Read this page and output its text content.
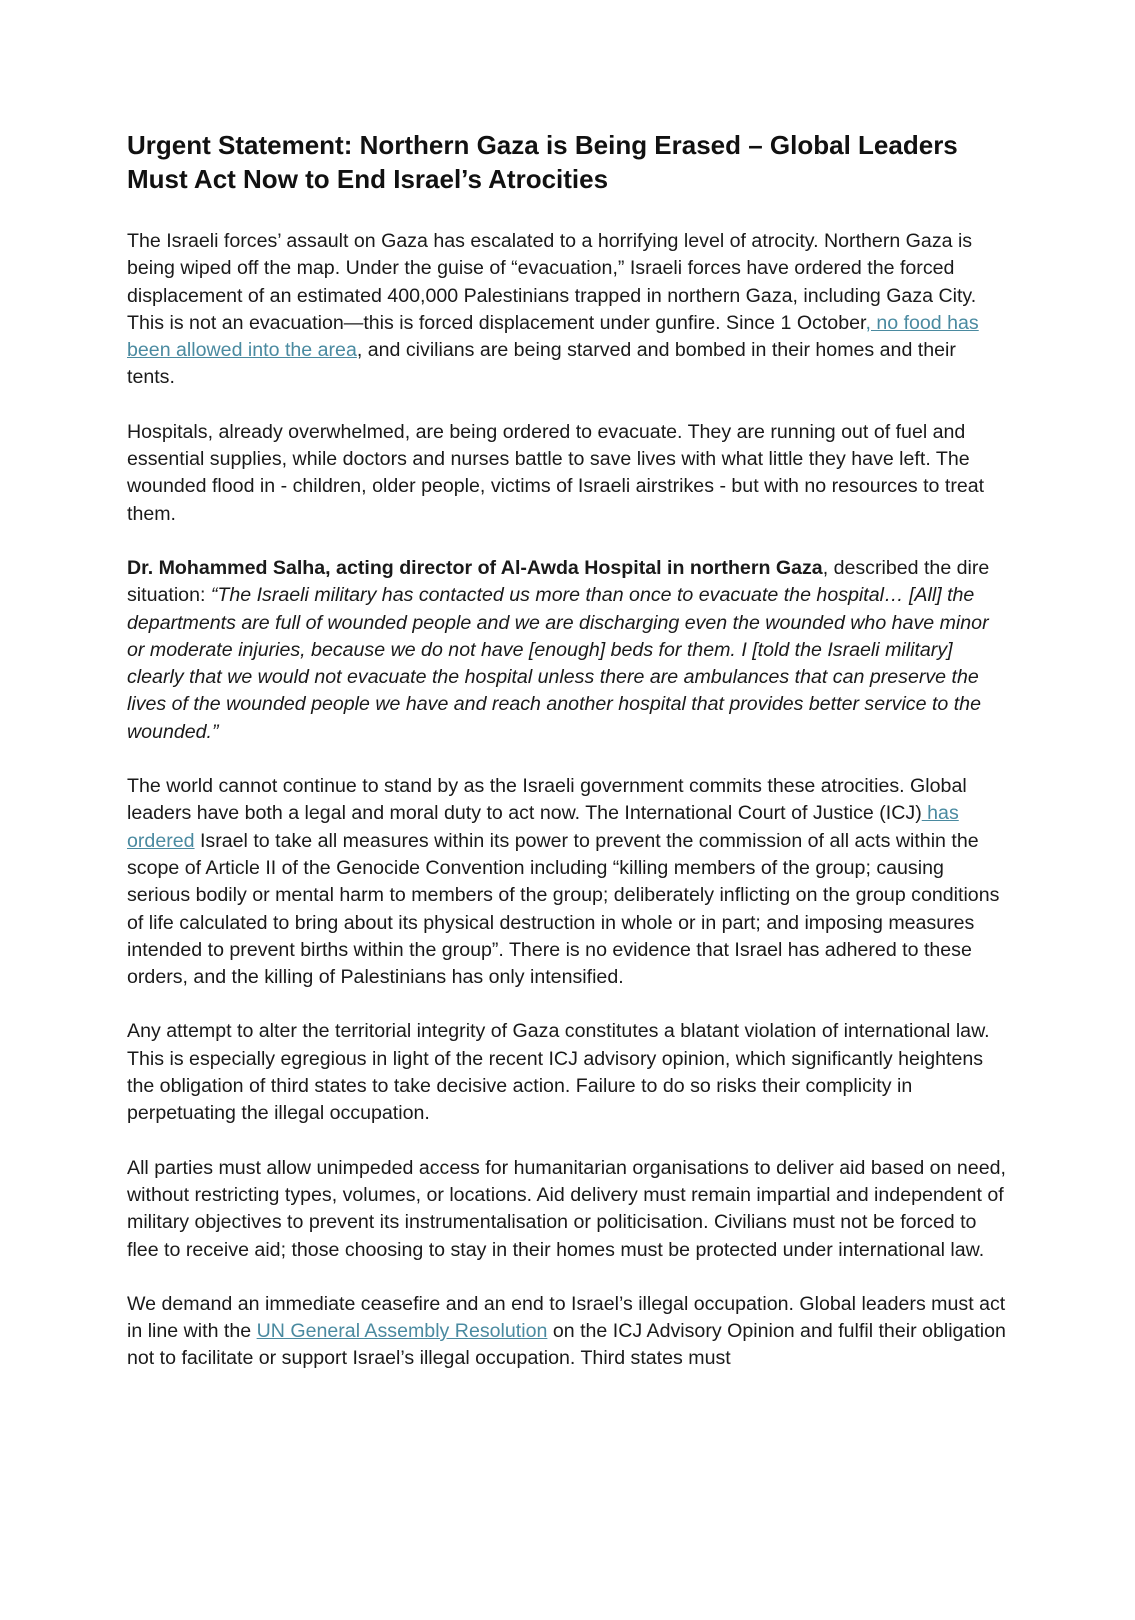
Urgent Statement: Northern Gaza is Being Erased – Global Leaders Must Act Now to End Israel’s Atrocities

The Israeli forces’ assault on Gaza has escalated to a horrifying level of atrocity. Northern Gaza is being wiped off the map. Under the guise of “evacuation,” Israeli forces have ordered the forced displacement of an estimated 400,000 Palestinians trapped in northern Gaza, including Gaza City. This is not an evacuation—this is forced displacement under gunfire. Since 1 October, no food has been allowed into the area, and civilians are being starved and bombed in their homes and their tents.

Hospitals, already overwhelmed, are being ordered to evacuate. They are running out of fuel and essential supplies, while doctors and nurses battle to save lives with what little they have left. The wounded flood in - children, older people, victims of Israeli airstrikes - but with no resources to treat them.

Dr. Mohammed Salha, acting director of Al-Awda Hospital in northern Gaza, described the dire situation: “The Israeli military has contacted us more than once to evacuate the hospital… [All] the departments are full of wounded people and we are discharging even the wounded who have minor or moderate injuries, because we do not have [enough] beds for them. I [told the Israeli military] clearly that we would not evacuate the hospital unless there are ambulances that can preserve the lives of the wounded people we have and reach another hospital that provides better service to the wounded.”

The world cannot continue to stand by as the Israeli government commits these atrocities. Global leaders have both a legal and moral duty to act now. The International Court of Justice (ICJ) has ordered Israel to take all measures within its power to prevent the commission of all acts within the scope of Article II of the Genocide Convention including “killing members of the group; causing serious bodily or mental harm to members of the group; deliberately inflicting on the group conditions of life calculated to bring about its physical destruction in whole or in part; and imposing measures intended to prevent births within the group”. There is no evidence that Israel has adhered to these orders, and the killing of Palestinians has only intensified.

Any attempt to alter the territorial integrity of Gaza constitutes a blatant violation of international law. This is especially egregious in light of the recent ICJ advisory opinion, which significantly heightens the obligation of third states to take decisive action. Failure to do so risks their complicity in perpetuating the illegal occupation.

All parties must allow unimpeded access for humanitarian organisations to deliver aid based on need, without restricting types, volumes, or locations. Aid delivery must remain impartial and independent of military objectives to prevent its instrumentalisation or politicisation. Civilians must not be forced to flee to receive aid; those choosing to stay in their homes must be protected under international law.

We demand an immediate ceasefire and an end to Israel’s illegal occupation. Global leaders must act in line with the UN General Assembly Resolution on the ICJ Advisory Opinion and fulfil their obligation not to facilitate or support Israel’s illegal occupation. Third states must
